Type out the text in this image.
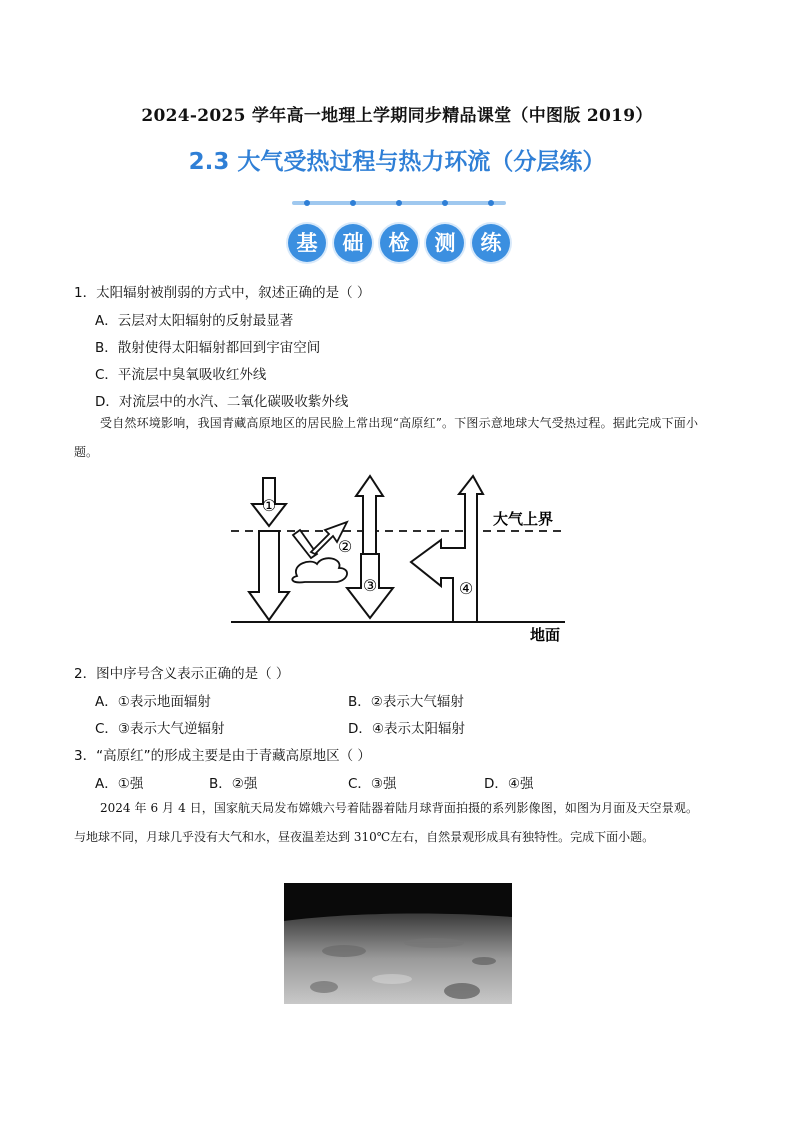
2024-2025 学年高一地理上学期同步精品课堂（中图版 2019）
2.3 大气受热过程与热力环流（分层练）
基	础	检	测	练
1．太阳辐射被削弱的方式中，叙述正确的是（ ）
A．云层对太阳辐射的反射最显著
B．散射使得太阳辐射都回到宇宙空间
C．平流层中臭氧吸收红外线
D．对流层中的水汽、二氧化碳吸收紫外线
受自然环境影响，我国青藏高原地区的居民脸上常出现“高原红”。下图示意地球大气受热过程。据此完成下面小题。
①
②
③	④
大气上界
地面
2．图中序号含义表示正确的是（ ）
A．①表示地面辐射	B．②表示大气辐射
C．③表示大气逆辐射	D．④表示太阳辐射
3．“高原红”的形成主要是由于青藏高原地区（ ）
A．①强	B．②强	C．③强	D．④强
2024 年 6 月 4 日，国家航天局发布嫦娥六号着陆器着陆月球背面拍摄的系列影像图，如图为月面及天空景观。与地球不同，月球几乎没有大气和水，昼夜温差达到 310℃左右，自然景观形成具有独特性。完成下面小题。
